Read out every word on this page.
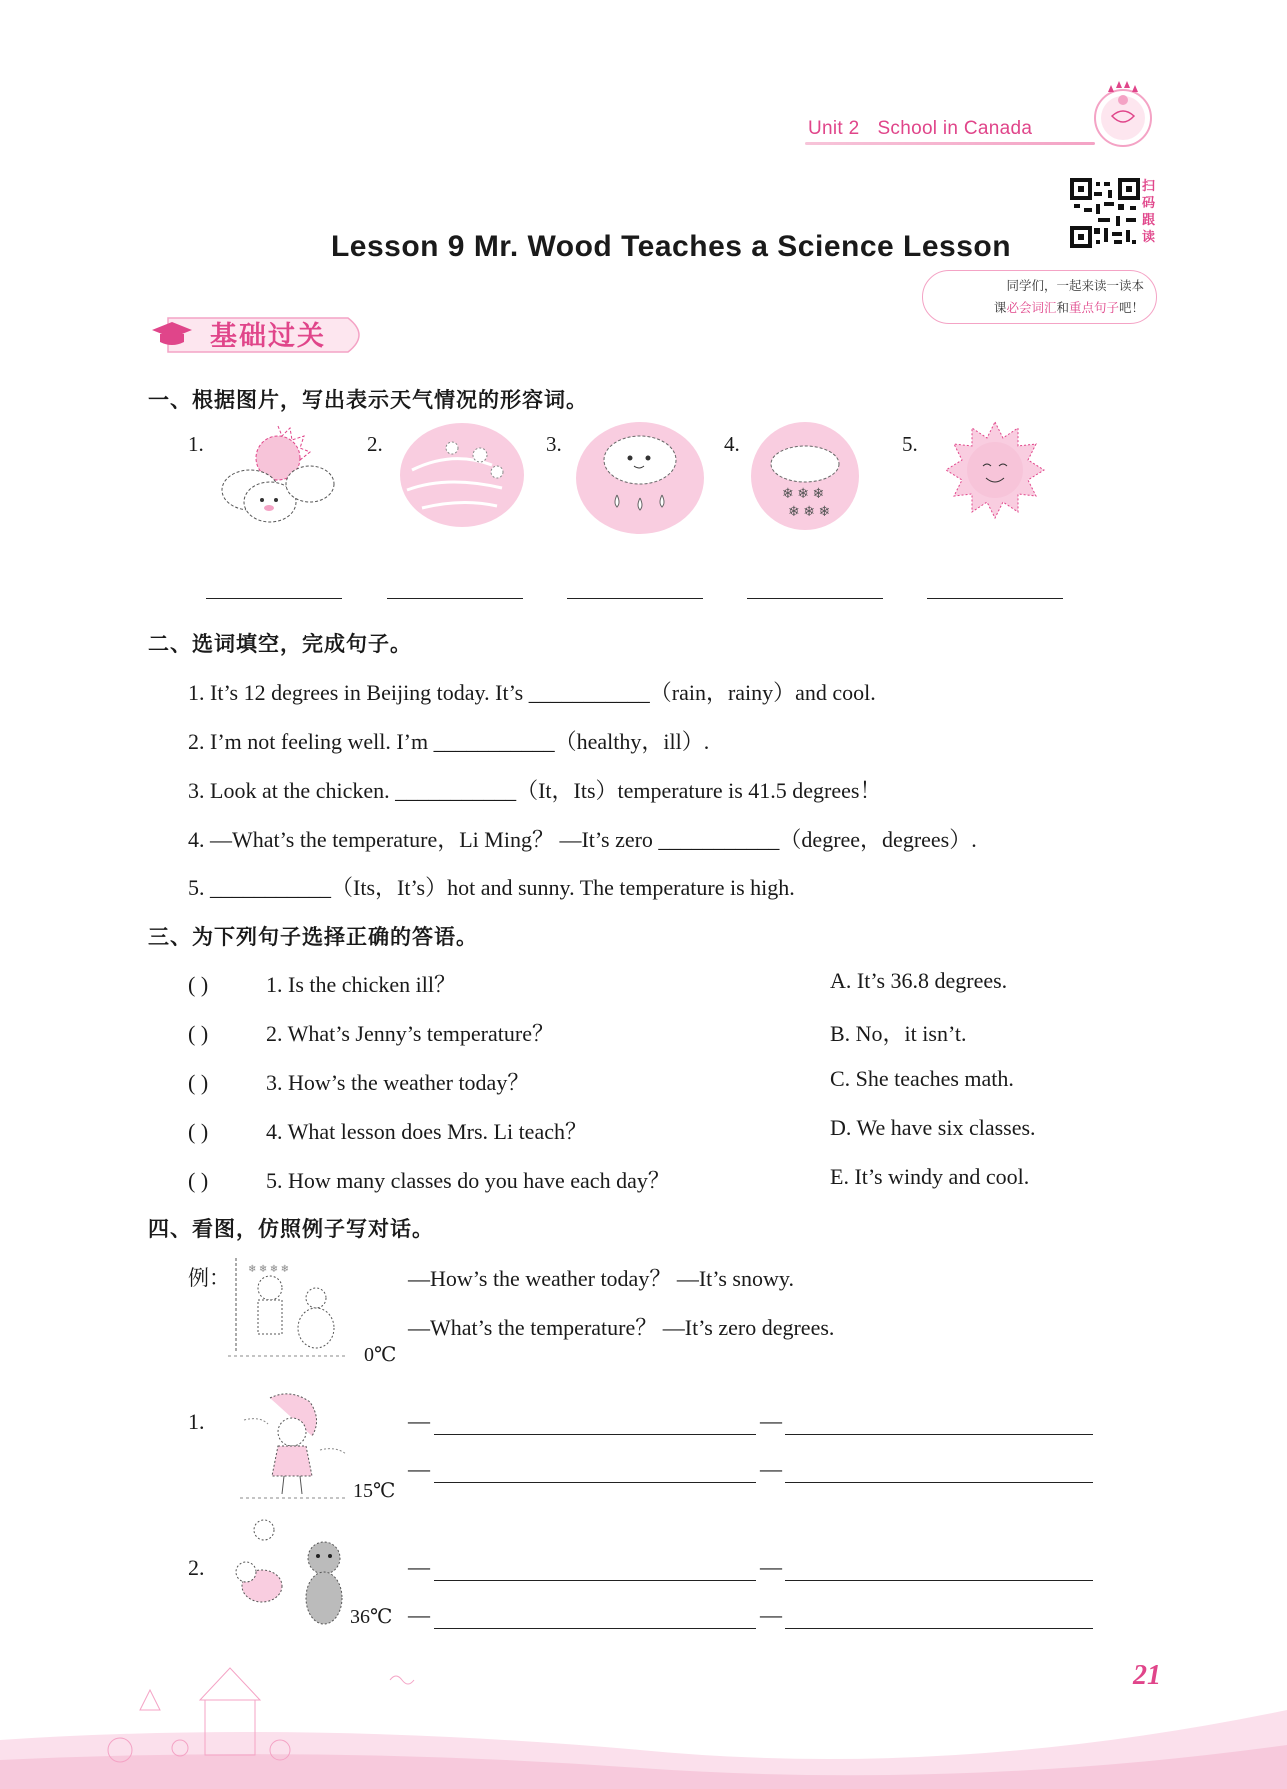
Unit 2 School in Canada
扫码跟读
Lesson 9 Mr. Wood Teaches a Science Lesson
同学们，一起来读一读本
课必会词汇和重点句子吧！
基础过关
一、根据图片，写出表示天气情况的形容词。
1.	2.	3.	4.
❄ ❄ ❄
❄ ❄ ❄
5.
二、选词填空，完成句子。
1. It’s 12 degrees in Beijing today. It’s ___________（rain，rainy）and cool.
2. I’m not feeling well. I’m ___________（healthy，ill）.
3. Look at the chicken. ___________（It，Its）temperature is 41.5 degrees！
4. —What’s the temperature，Li Ming？ —It’s zero ___________（degree，degrees）.
5. ___________（Its，It’s）hot and sunny. The temperature is high.
三、为下列句子选择正确的答语。
( )	1. Is the chicken ill？	A. It’s 36.8 degrees.
( )	2. What’s Jenny’s temperature？	B. No，it isn’t.
( )	3. How’s the weather today？	C. She teaches math.
( )	4. What lesson does Mrs. Li teach？	D. We have six classes.
( )	5. How many classes do you have each day？	E. It’s windy and cool.
四、看图，仿照例子写对话。
例： ❄ ❄ ❄ ❄
0℃
—How’s the weather today？ —It’s snowy.
—What’s the temperature？ —It’s zero degrees.
1.
15℃
—	—
—	—
2.
36℃
—	—
—	—
21
